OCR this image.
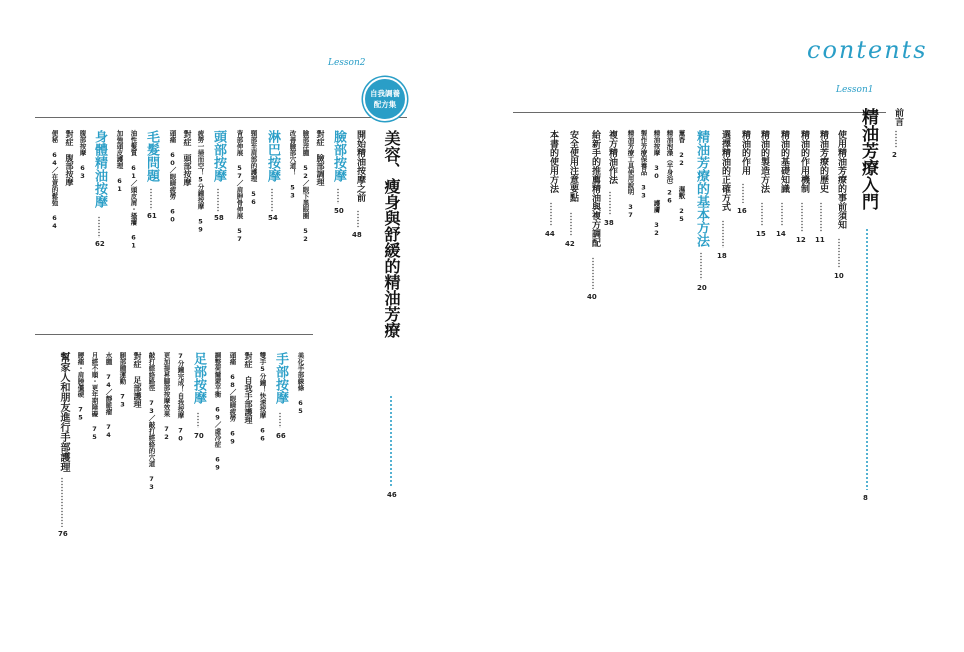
contents
Lesson1
Lesson2
自我調養
配方集
前言
2
精油芳療入門
8
使用精油芳療的事前須知
10
精油芳療的歷史
11
精油的作用機制
12
精油的基礎知識
14
精油的製造方法
15
精油的作用
16
選擇精油的正確方式
18
精油芳療的基本方法
20
薰香 22
濕敷 25
精油泡澡（半身浴）26
精油按摩 30
護膚 32
製作芳療保養品 33
精油芳療工具使用說明 37
複方精油作法
38
給新手的推薦精油與複方調配
40
安全使用注意要點
42
本書的使用方法
44
美容、瘦身與舒緩的精油芳療
46
開始精油按摩之前
48
臉部按摩
50
對症　臉部調理
臉部浮腫 52／眼下黑眼圈 52
改善臉部穴道！ 53
淋巴按摩
54
頸部至肩部的護理 56
背部伸展 57／肩胛骨伸展 57
頭部按摩
58
疲勞一掃而空！5分鐘按摩 59
對症　頭部按摩
頭痛 60／眼睛疲勞 60
毛髮問題
61
油性髮質 61／頭皮屑・搔癢 61
加強頭皮護理 61
身體精油按摩
62
腹部按摩 63
對症　腹部按摩
便秘 64／在意的鬆弛 64
手部按摩
66
美化手部線條 65
雙手5分鐘！快速按摩 66
對症　自我手部護理
頭痛 68／眼睛疲勞 69
調整荷爾蒙平衡 69／虛冷症 69
足部按摩
70
7分鐘完成！自我按摩 70
更加提昇腳部按摩效果 72
敲打經絡路徑 73／敲打經絡的穴道 73
對症　足部護理
腿部腫運動 73
水腫 74／靜脈瘤 74
月經不順・更年期障礙 75
腰痛・肩膀僵硬 75
幫家人和朋友進行手部護理
76
